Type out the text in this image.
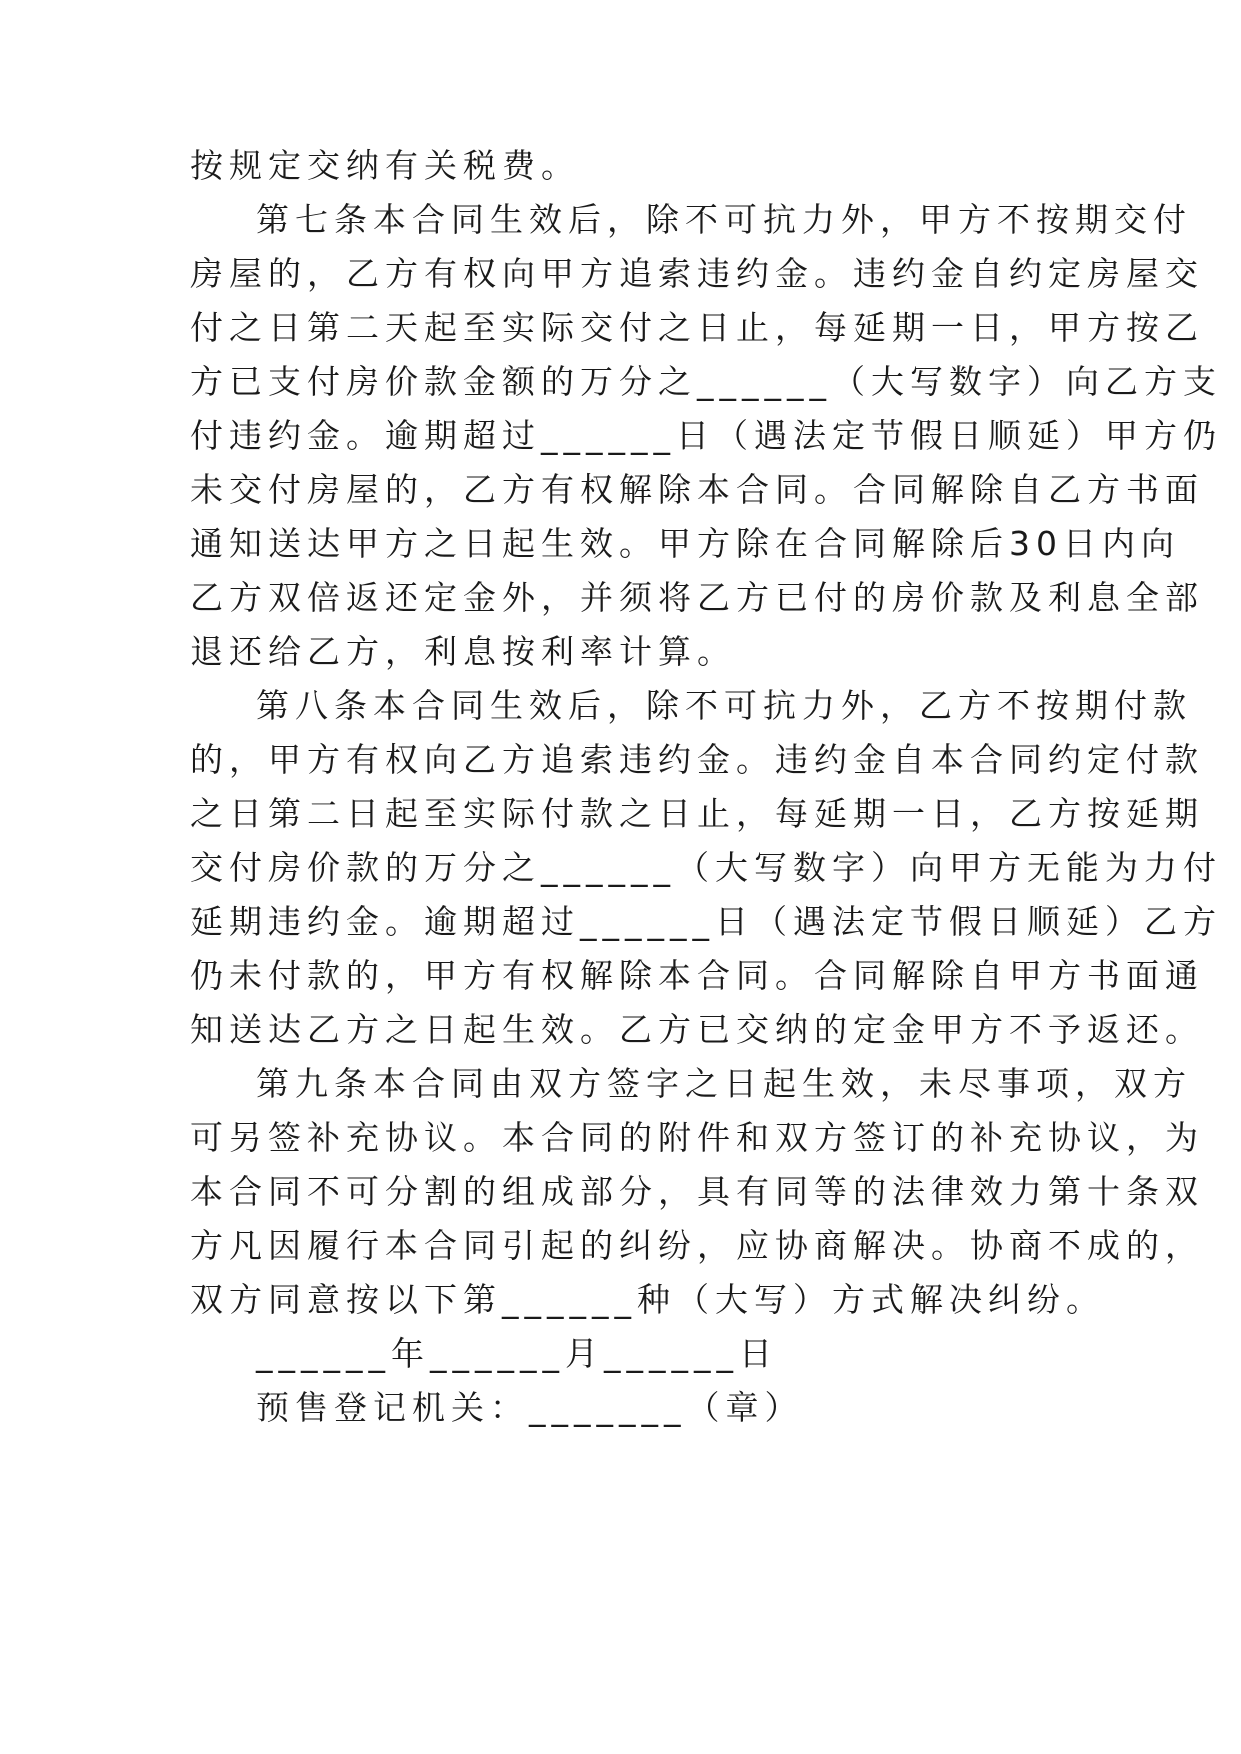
按规定交纳有关税费。
第七条本合同生效后，除不可抗力外，甲方不按期交付
房屋的，乙方有权向甲方追索违约金。违约金自约定房屋交
付之日第二天起至实际交付之日止，每延期一日，甲方按乙
方已支付房价款金额的万分之______（大写数字）向乙方支
付违约金。逾期超过______日（遇法定节假日顺延）甲方仍
未交付房屋的，乙方有权解除本合同。合同解除自乙方书面
通知送达甲方之日起生效。甲方除在合同解除后30日内向
乙方双倍返还定金外，并须将乙方已付的房价款及利息全部
退还给乙方，利息按利率计算。
第八条本合同生效后，除不可抗力外，乙方不按期付款
的，甲方有权向乙方追索违约金。违约金自本合同约定付款
之日第二日起至实际付款之日止，每延期一日，乙方按延期
交付房价款的万分之______（大写数字）向甲方无能为力付
延期违约金。逾期超过______日（遇法定节假日顺延）乙方
仍未付款的，甲方有权解除本合同。合同解除自甲方书面通
知送达乙方之日起生效。乙方已交纳的定金甲方不予返还。
第九条本合同由双方签字之日起生效，未尽事项，双方
可另签补充协议。本合同的附件和双方签订的补充协议，为
本合同不可分割的组成部分，具有同等的法律效力第十条双
方凡因履行本合同引起的纠纷，应协商解决。协商不成的，
双方同意按以下第______种（大写）方式解决纠纷。
______年______月______日
预售登记机关：_______（章）
